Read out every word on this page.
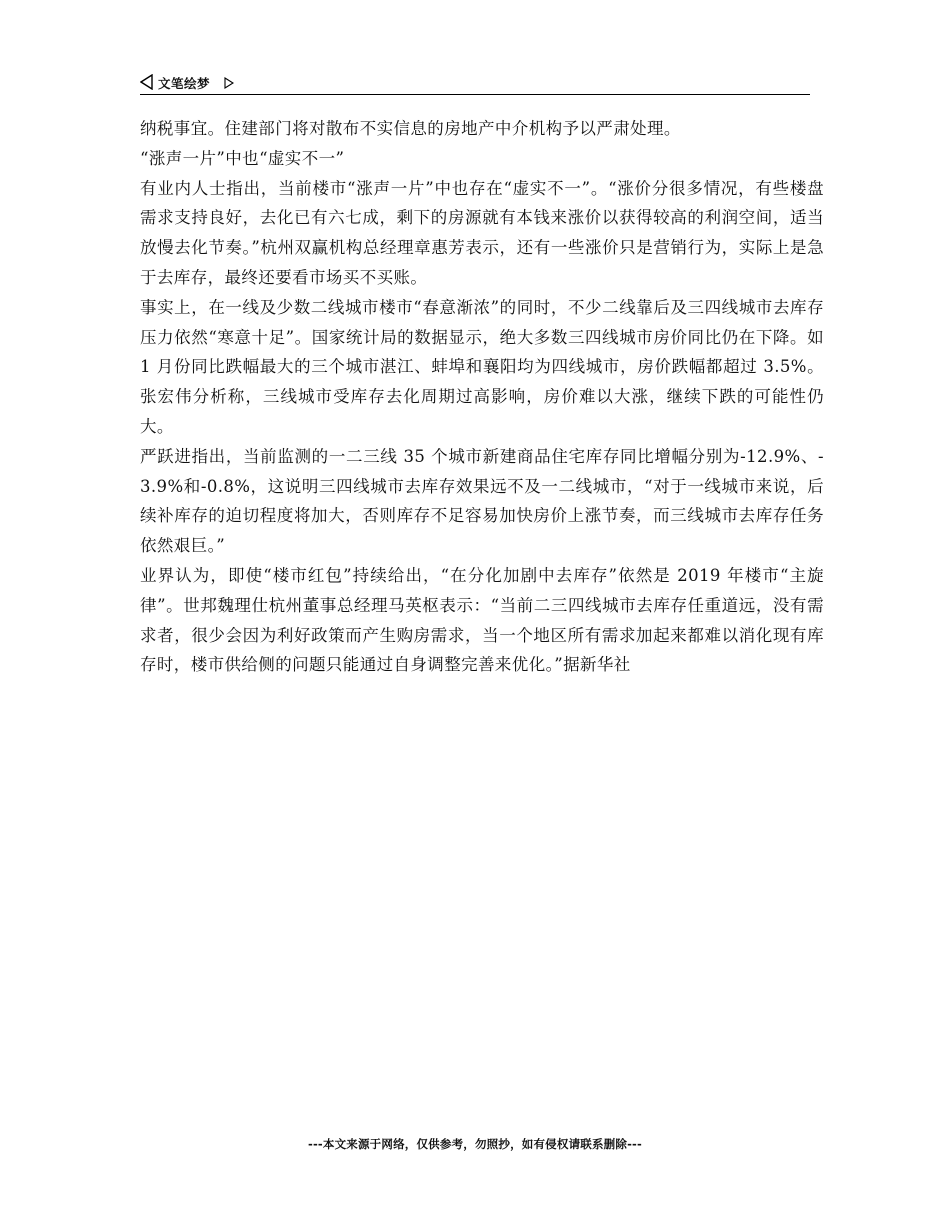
文笔绘梦

纳税事宜。住建部门将对散布不实信息的房地产中介机构予以严肃处理。

“涨声一片”中也“虚实不一”

有业内人士指出，当前楼市“涨声一片”中也存在“虚实不一”。“涨价分很多情况，有些楼盘需求支持良好，去化已有六七成，剩下的房源就有本钱来涨价以获得较高的利润空间，适当放慢去化节奏。”杭州双赢机构总经理章惠芳表示，还有一些涨价只是营销行为，实际上是急于去库存，最终还要看市场买不买账。

事实上，在一线及少数二线城市楼市“春意渐浓”的同时，不少二线靠后及三四线城市去库存压力依然“寒意十足”。国家统计局的数据显示，绝大多数三四线城市房价同比仍在下降。如 1 月份同比跌幅最大的三个城市湛江、蚌埠和襄阳均为四线城市，房价跌幅都超过 3.5%。张宏伟分析称，三线城市受库存去化周期过高影响，房价难以大涨，继续下跌的可能性仍大。

严跃进指出，当前监测的一二三线 35 个城市新建商品住宅库存同比增幅分别为-12.9%、-3.9%和-0.8%，这说明三四线城市去库存效果远不及一二线城市，“对于一线城市来说，后续补库存的迫切程度将加大，否则库存不足容易加快房价上涨节奏，而三线城市去库存任务依然艰巨。”

业界认为，即使“楼市红包”持续给出，“在分化加剧中去库存”依然是 2019 年楼市“主旋律”。世邦魏理仕杭州董事总经理马英枢表示：“当前二三四线城市去库存任重道远，没有需求者，很少会因为利好政策而产生购房需求，当一个地区所有需求加起来都难以消化现有库存时，楼市供给侧的问题只能通过自身调整完善来优化。”据新华社

---本文来源于网络，仅供参考，勿照抄，如有侵权请联系删除---
